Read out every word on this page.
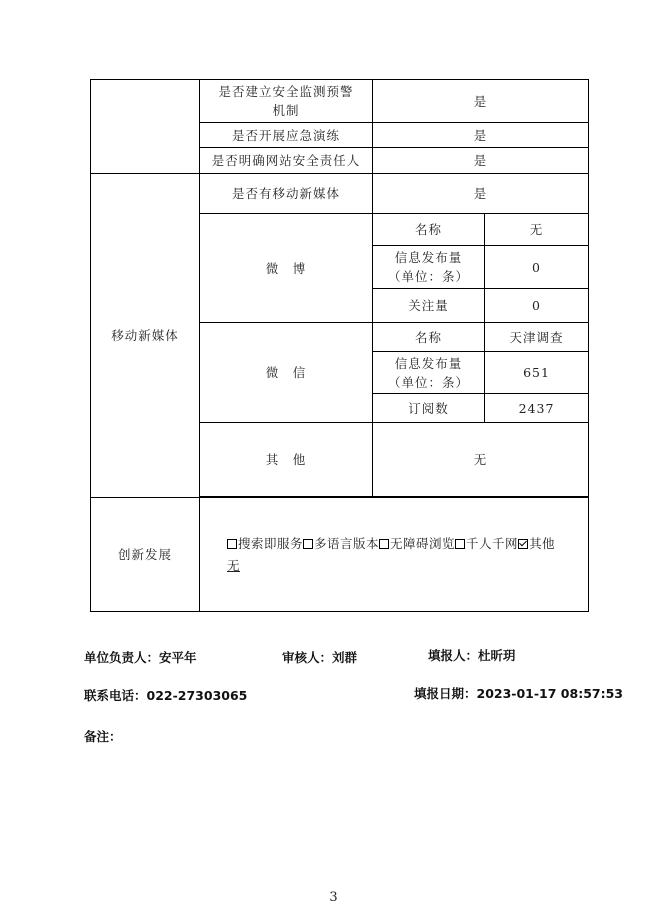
	是否建立安全监测预警机制	是	
	是否开展应急演练	是	
	是否明确网站安全责任人	是	
移动新媒体	是否有移动新媒体	是	
	微　博	名称	无
		信息发布量（单位：条）	0
		关注量	0
	微　信	名称	天津调查
		信息发布量（单位：条）	651
		订阅数	2437
	其　他	无	

创新发展	搜索即服务 多语言版本 无障碍浏览 千人千网 其他
无		
单位负责人：安平年	审核人：刘群	填报人：杜昕玥
联系电话：022-27303065	填报日期：2023-01-17 08:57:53
备注：
3
